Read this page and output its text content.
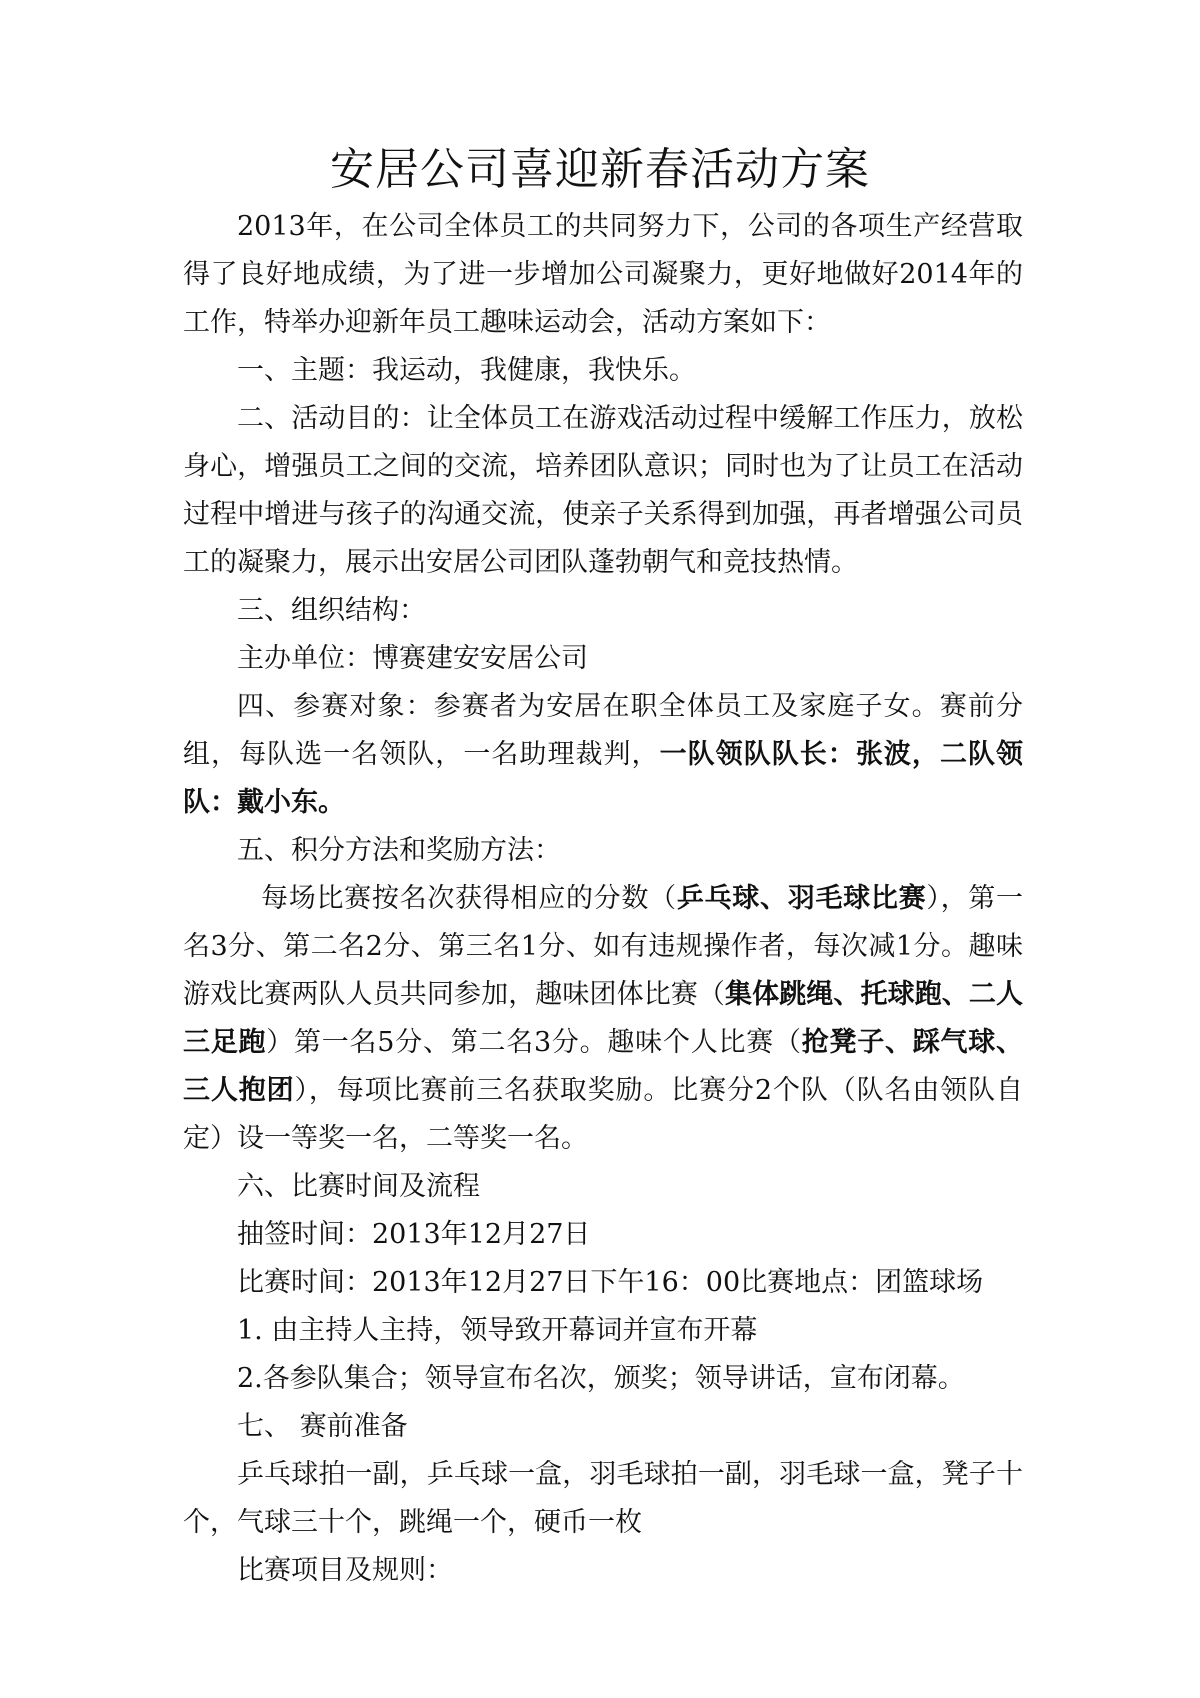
安居公司喜迎新春活动方案

2013年，在公司全体员工的共同努力下，公司的各项生产经营取得了良好地成绩，为了进一步增加公司凝聚力，更好地做好2014年的工作，特举办迎新年员工趣味运动会，活动方案如下：

一、主题：我运动，我健康，我快乐。

二、活动目的：让全体员工在游戏活动过程中缓解工作压力，放松身心，增强员工之间的交流，培养团队意识；同时也为了让员工在活动过程中增进与孩子的沟通交流，使亲子关系得到加强，再者增强公司员工的凝聚力，展示出安居公司团队蓬勃朝气和竞技热情。

三、组织结构：

主办单位：博赛建安安居公司

四、参赛对象：参赛者为安居在职全体员工及家庭子女。赛前分组，每队选一名领队，一名助理裁判，一队领队队长：张波，二队领队：戴小东。

五、积分方法和奖励方法：

每场比赛按名次获得相应的分数（乒乓球、羽毛球比赛），第一名3分、第二名2分、第三名1分、如有违规操作者，每次减1分。趣味游戏比赛两队人员共同参加，趣味团体比赛（集体跳绳、托球跑、二人三足跑）第一名5分、第二名3分。趣味个人比赛（抢凳子、踩气球、三人抱团），每项比赛前三名获取奖励。比赛分2个队（队名由领队自定）设一等奖一名，二等奖一名。

六、比赛时间及流程

抽签时间：2013年12月27日

比赛时间：2013年12月27日下午16：00比赛地点：团篮球场

1. 由主持人主持，领导致开幕词并宣布开幕

2.各参队集合；领导宣布名次，颁奖；领导讲话，宣布闭幕。

七、 赛前准备

乒乓球拍一副，乒乓球一盒，羽毛球拍一副，羽毛球一盒，凳子十个，气球三十个，跳绳一个，硬币一枚

比赛项目及规则：
